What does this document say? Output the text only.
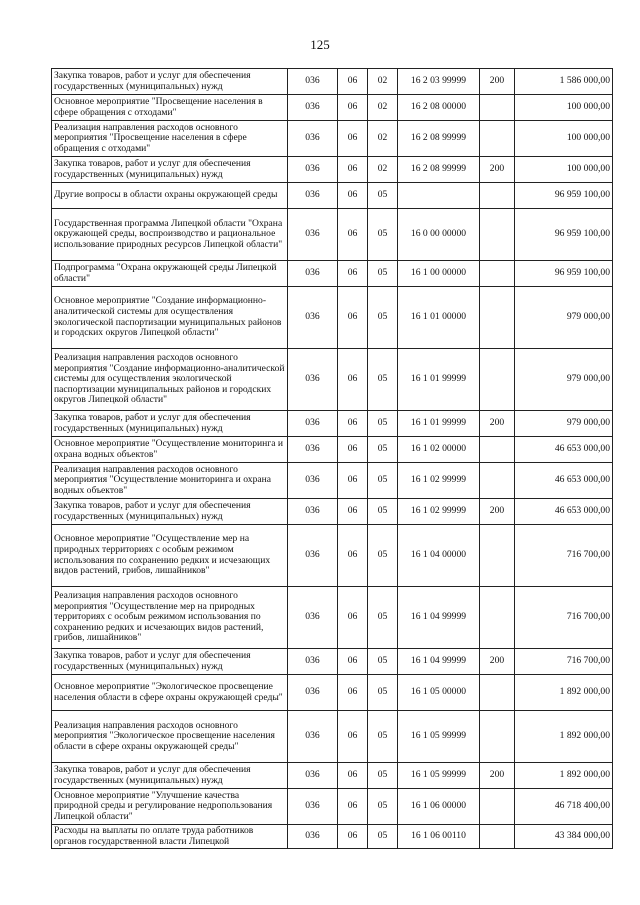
125
Закупка товаров, работ и услуг для обеспечения государственных (муниципальных) нужд	036	06	02	16 2 03 99999	200	1 586 000,00
Основное мероприятие "Просвещение населения в сфере обращения с отходами"	036	06	02	16 2 08 00000		100 000,00
Реализация направления расходов основного мероприятия "Просвещение населения в сфере обращения с отходами"	036	06	02	16 2 08 99999		100 000,00
Закупка товаров, работ и услуг для обеспечения государственных (муниципальных) нужд	036	06	02	16 2 08 99999	200	100 000,00
Другие вопросы в области охраны окружающей среды	036	06	05			96 959 100,00
Государственная программа Липецкой области "Охрана окружающей среды, воспроизводство и рациональное использование природных ресурсов Липецкой области"	036	06	05	16 0 00 00000		96 959 100,00
Подпрограмма "Охрана окружающей среды Липецкой области"	036	06	05	16 1 00 00000		96 959 100,00
Основное мероприятие "Создание информационно-аналитической системы для осуществления экологической паспортизации муниципальных районов и городских округов Липецкой области"	036	06	05	16 1 01 00000		979 000,00
Реализация направления расходов основного мероприятия "Создание информационно-аналитической системы для осуществления экологической паспортизации муниципальных районов и городских округов Липецкой области"	036	06	05	16 1 01 99999		979 000,00
Закупка товаров, работ и услуг для обеспечения государственных (муниципальных) нужд	036	06	05	16 1 01 99999	200	979 000,00
Основное мероприятие "Осуществление мониторинга и охрана водных объектов"	036	06	05	16 1 02 00000		46 653 000,00
Реализация направления расходов основного мероприятия "Осуществление мониторинга и охрана водных объектов"	036	06	05	16 1 02 99999		46 653 000,00
Закупка товаров, работ и услуг для обеспечения государственных (муниципальных) нужд	036	06	05	16 1 02 99999	200	46 653 000,00
Основное мероприятие "Осуществление мер на природных территориях с особым режимом использования по сохранению редких и исчезающих видов растений, грибов, лишайников"	036	06	05	16 1 04 00000		716 700,00
Реализация направления расходов основного мероприятия "Осуществление мер на природных территориях с особым режимом использования по сохранению редких и исчезающих видов растений, грибов, лишайников"	036	06	05	16 1 04 99999		716 700,00
Закупка товаров, работ и услуг для обеспечения государственных (муниципальных) нужд	036	06	05	16 1 04 99999	200	716 700,00
Основное мероприятие "Экологическое просвещение населения области в сфере охраны окружающей среды"	036	06	05	16 1 05 00000		1 892 000,00
Реализация направления расходов основного мероприятия "Экологическое просвещение населения области в сфере охраны окружающей среды"	036	06	05	16 1 05 99999		1 892 000,00
Закупка товаров, работ и услуг для обеспечения государственных (муниципальных) нужд	036	06	05	16 1 05 99999	200	1 892 000,00
Основное мероприятие "Улучшение качества природной среды и регулирование недропользования Липецкой области"	036	06	05	16 1 06 00000		46 718 400,00
Расходы на выплаты по оплате труда работников органов государственной власти Липецкой	036	06	05	16 1 06 00110		43 384 000,00
